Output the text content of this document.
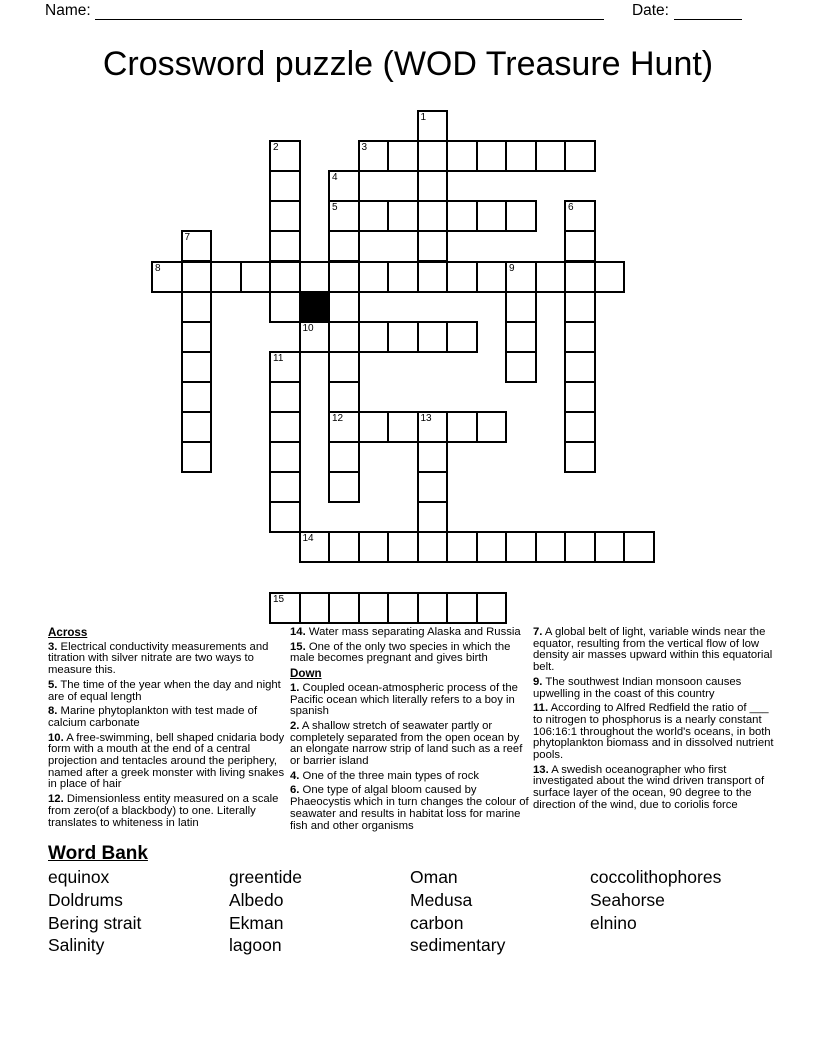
Name:	Date:
Crossword puzzle (WOD Treasure Hunt)
1
2	3
4
5
12
6
7
8	9
10
11
13
14
15

Across

3. Electrical conductivity measurements and titration with silver nitrate are two ways to measure this.

5. The time of the year when the day and night are of equal length

8. Marine phytoplankton with test made of calcium carbonate

10. A free-swimming, bell shaped cnidaria body form with a mouth at the end of a central projection and tentacles around the periphery, named after a greek monster with living snakes in place of hair

12. Dimensionless entity measured on a scale from zero(of a blackbody) to one. Literally translates to whiteness in latin

14. Water mass separating Alaska and Russia

15. One of the only two species in which the male becomes pregnant and gives birth

Down

1. Coupled ocean-atmospheric process of the Pacific ocean which literally refers to a boy in spanish

2. A shallow stretch of seawater partly or completely separated from the open ocean by an elongate narrow strip of land such as a reef or barrier island

4. One of the three main types of rock

6. One type of algal bloom caused by Phaeocystis which in turn changes the colour of seawater and results in habitat loss for marine fish and other organisms

7. A global belt of light, variable winds near the equator, resulting from the vertical flow of low density air masses upward within this equatorial belt.

9. The southwest Indian monsoon causes upwelling in the coast of this country

11. According to Alfred Redfield the ratio of ___ to nitrogen to phosphorus is a nearly constant 106:16:1 throughout the world's oceans, in both phytoplankton biomass and in dissolved nutrient pools.

13. A swedish oceanographer who first investigated about the wind driven transport of surface layer of the ocean, 90 degree to the direction of the wind, due to coriolis force

Word Bank
equinox
Doldrums
Bering strait
Salinity
greentide
Albedo
Ekman
lagoon
Oman
Medusa
carbon
sedimentary
coccolithophores
Seahorse
elnino
